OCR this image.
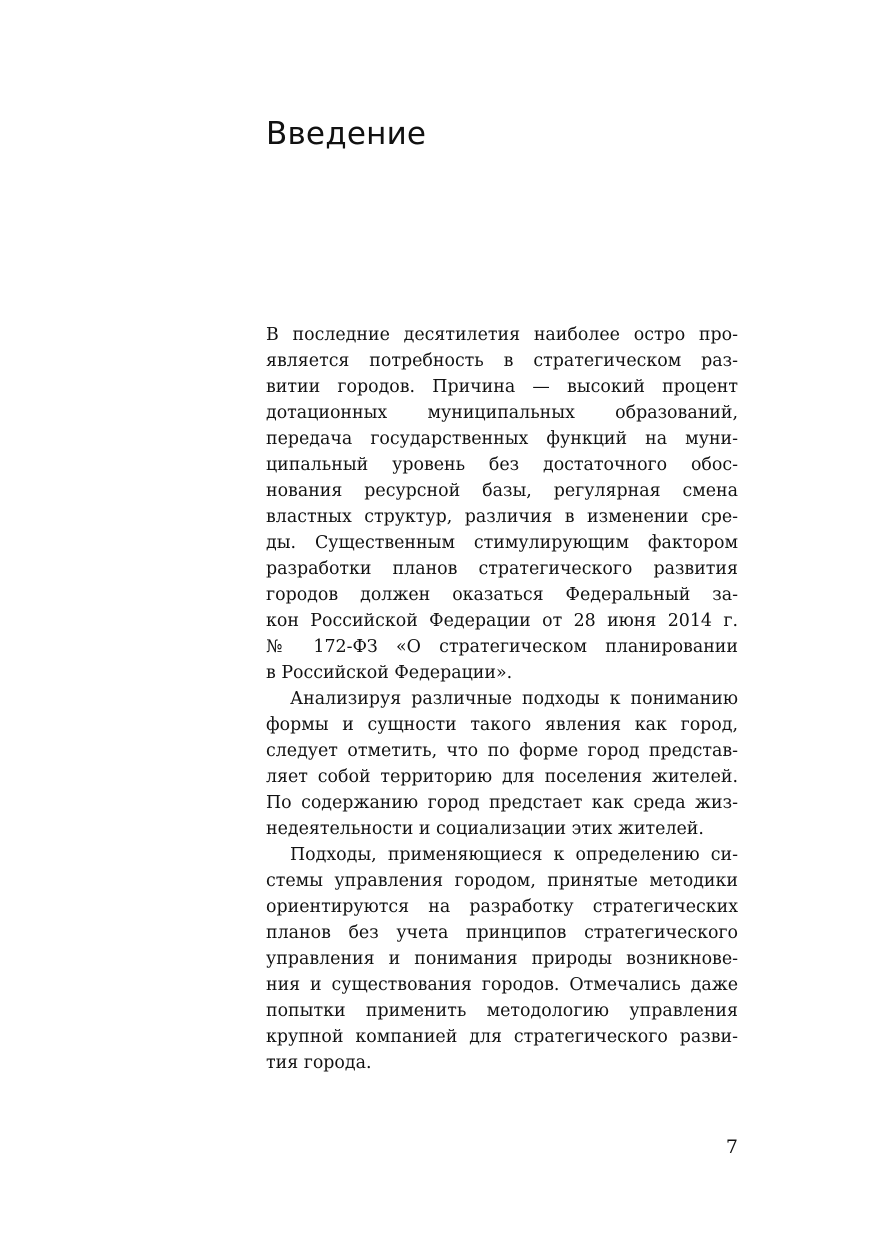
Введение
В последние десятилетия наиболее остро про-
является потребность в стратегическом раз-
витии городов. Причина — высокий процент
дотационных муниципальных образований,
передача государственных функций на муни-
ципальный уровень без достаточного обос-
нования ресурсной базы, регулярная смена
властных структур, различия в изменении сре-
ды. Существенным стимулирующим фактором
разработки планов стратегического развития
городов должен оказаться Федеральный за-
кон Российской Федерации от 28 июня 2014 г.
№ 172-ФЗ «О стратегическом планировании
в Российской Федерации».
Анализируя различные подходы к пониманию
формы и сущности такого явления как город,
следует отметить, что по форме город представ-
ляет собой территорию для поселения жителей.
По содержанию город предстает как среда жиз-
недеятельности и социализации этих жителей.
Подходы, применяющиеся к определению си-
стемы управления городом, принятые методики
ориентируются на разработку стратегических
планов без учета принципов стратегического
управления и понимания природы возникнове-
ния и существования городов. Отмечались даже
попытки применить методологию управления
крупной компанией для стратегического разви-
тия города.
7
